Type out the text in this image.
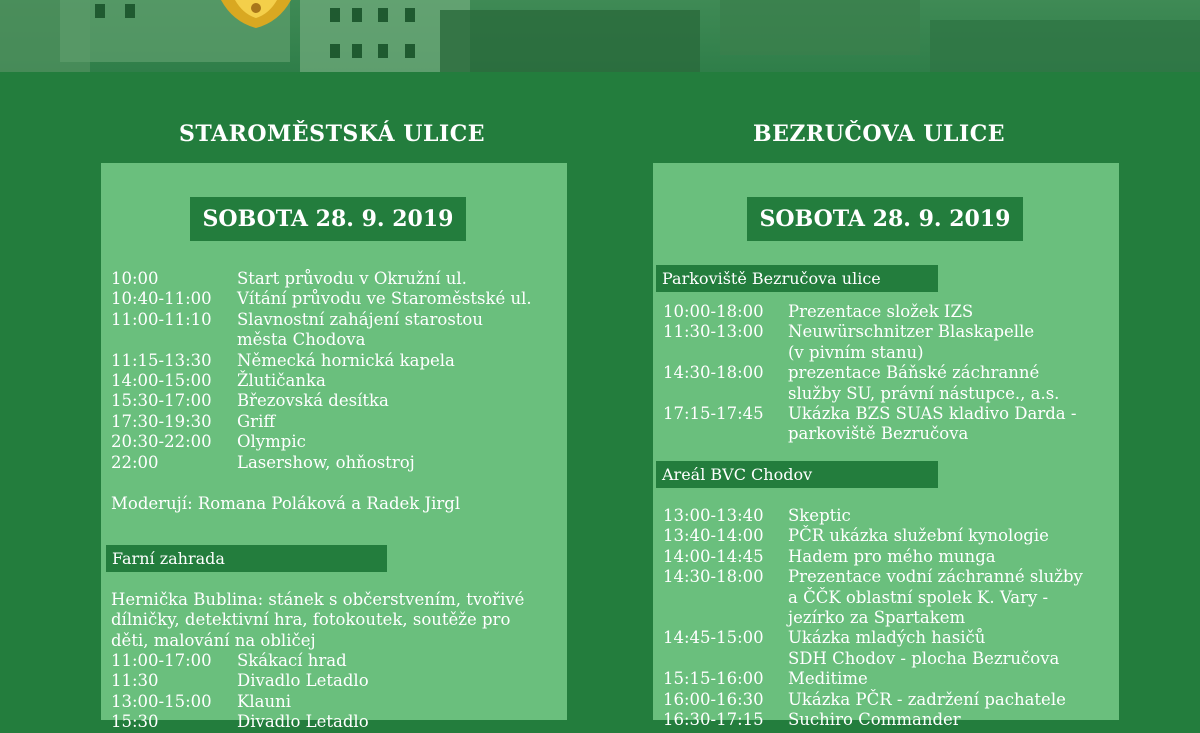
STAROMĚSTSKÁ ULICE
SOBOTA 28. 9. 2019
10:00	Start průvodu v Okružní ul.
10:40-11:00 Vítání průvodu ve Staroměstské ul.
11:00-11:10 Slavnostní zahájení starostou
města Chodova
11:15-13:30 Německá hornická kapela
14:00-15:00 Žlutičanka
15:30-17:00 Březovská desítka
17:30-19:30 Griff
20:30-22:00 Olympic
22:00	Lasershow, ohňostroj
Moderují: Romana Poláková a Radek Jirgl
Farní zahrada
Hernička Bublina: stánek s občerstvením, tvořivé
dílničky, detektivní hra, fotokoutek, soutěže pro
děti, malování na obličej
11:00-17:00 Skákací hrad
11:30	Divadlo Letadlo
13:00-15:00 Klauni
15:30	Divadlo Letadlo
BEZRUČOVA ULICE
SOBOTA 28. 9. 2019
Parkoviště Bezručova ulice
10:00-18:00 Prezentace složek IZS
11:30-13:00 Neuwürschnitzer Blaskapelle
(v pivním stanu)
14:30-18:00 prezentace Báňské záchranné
služby SU, právní nástupce., a.s.
17:15-17:45 Ukázka BZS SUAS kladivo Darda -
parkoviště Bezručova
Areál BVC Chodov
13:00-13:40 Skeptic
13:40-14:00 PČR ukázka služební kynologie
14:00-14:45 Hadem pro mého munga
14:30-18:00 Prezentace vodní záchranné služby
a ČČK oblastní spolek K. Vary -
jezírko za Spartakem
14:45-15:00 Ukázka mladých hasičů
SDH Chodov - plocha Bezručova
15:15-16:00 Meditime
16:00-16:30 Ukázka PČR - zadržení pachatele
16:30-17:15 Suchiro Commander
